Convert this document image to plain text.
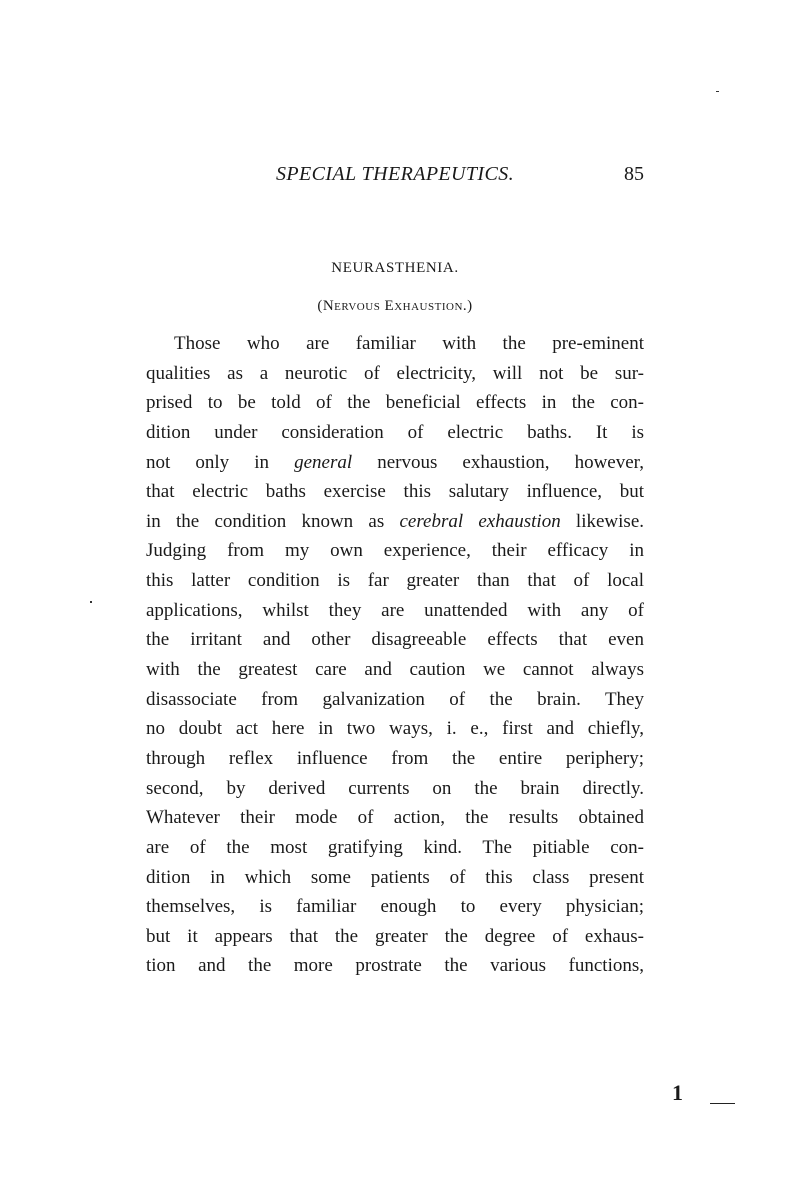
SPECIAL THERAPEUTICS.	85
NEURASTHENIA.
(Nervous Exhaustion.)
Those who are familiar with the pre-eminent
qualities as a neurotic of electricity, will not be sur-
prised to be told of the beneficial effects in the con-
dition under consideration of electric baths. It is
not only in general nervous exhaustion, however,
that electric baths exercise this salutary influence, but
in the condition known as cerebral exhaustion likewise.
Judging from my own experience, their efficacy in
this latter condition is far greater than that of local
applications, whilst they are unattended with any of
the irritant and other disagreeable effects that even
with the greatest care and caution we cannot always
disassociate from galvanization of the brain. They
no doubt act here in two ways, i. e., first and chiefly,
through reflex influence from the entire periphery;
second, by derived currents on the brain directly.
Whatever their mode of action, the results obtained
are of the most gratifying kind. The pitiable con-
dition in which some patients of this class present
themselves, is familiar enough to every physician;
but it appears that the greater the degree of exhaus-
tion and the more prostrate the various functions,
1
